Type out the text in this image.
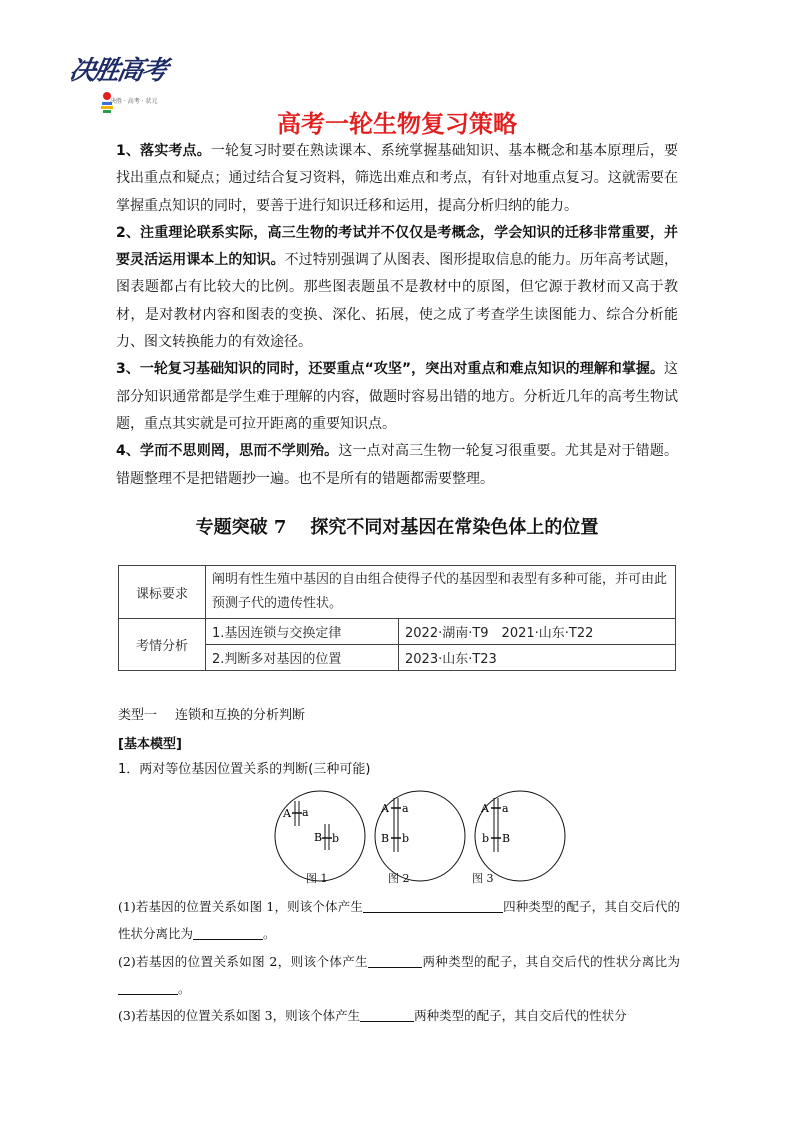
决胜高考
决胜 · 高考 · 状元
高考一轮生物复习策略

1、落实考点。一轮复习时要在熟读课本、系统掌握基础知识、基本概念和基本原理后，要找出重点和疑点；通过结合复习资料，筛选出难点和考点，有针对地重点复习。这就需要在掌握重点知识的同时，要善于进行知识迁移和运用，提高分析归纳的能力。

2、注重理论联系实际，高三生物的考试并不仅仅是考概念，学会知识的迁移非常重要，并要灵活运用课本上的知识。不过特别强调了从图表、图形提取信息的能力。历年高考试题，图表题都占有比较大的比例。那些图表题虽不是教材中的原图，但它源于教材而又高于教材，是对教材内容和图表的变换、深化、拓展，使之成了考查学生读图能力、综合分析能力、图文转换能力的有效途径。

3、一轮复习基础知识的同时，还要重点“攻坚”，突出对重点和难点知识的理解和掌握。这部分知识通常都是学生难于理解的内容，做题时容易出错的地方。分析近几年的高考生物试题，重点其实就是可拉开距离的重要知识点。

4、学而不思则罔，思而不学则殆。这一点对高三生物一轮复习很重要。尤其是对于错题。错题整理不是把错题抄一遍。也不是所有的错题都需要整理。

专题突破 7 探究不同对基因在常染色体上的位置
课标要求	阐明有性生殖中基因的自由组合使得子代的基因型和表型有多种可能，并可由此预测子代的遗传性状。	
考情分析	1.基因连锁与交换定律	2022·湖南·T9　2021·山东·T22
	2.判断多对基因的位置	2023·山东·T23
类型一 连锁和互换的分析判断
[基本模型]
1．两对等位基因位置关系的判断(三种可能)
A a
B b
A a
B b
A a
b B
图 1	图 2	图 3

(1)若基因的位置关系如图 1，则该个体产生	四种类型的配子，其自交后代的性状分离比为	。

(2)若基因的位置关系如图 2，则该个体产生	两种类型的配子，其自交后代的性状分离比为。

(3)若基因的位置关系如图 3，则该个体产生	两种类型的配子，其自交后代的性状分
